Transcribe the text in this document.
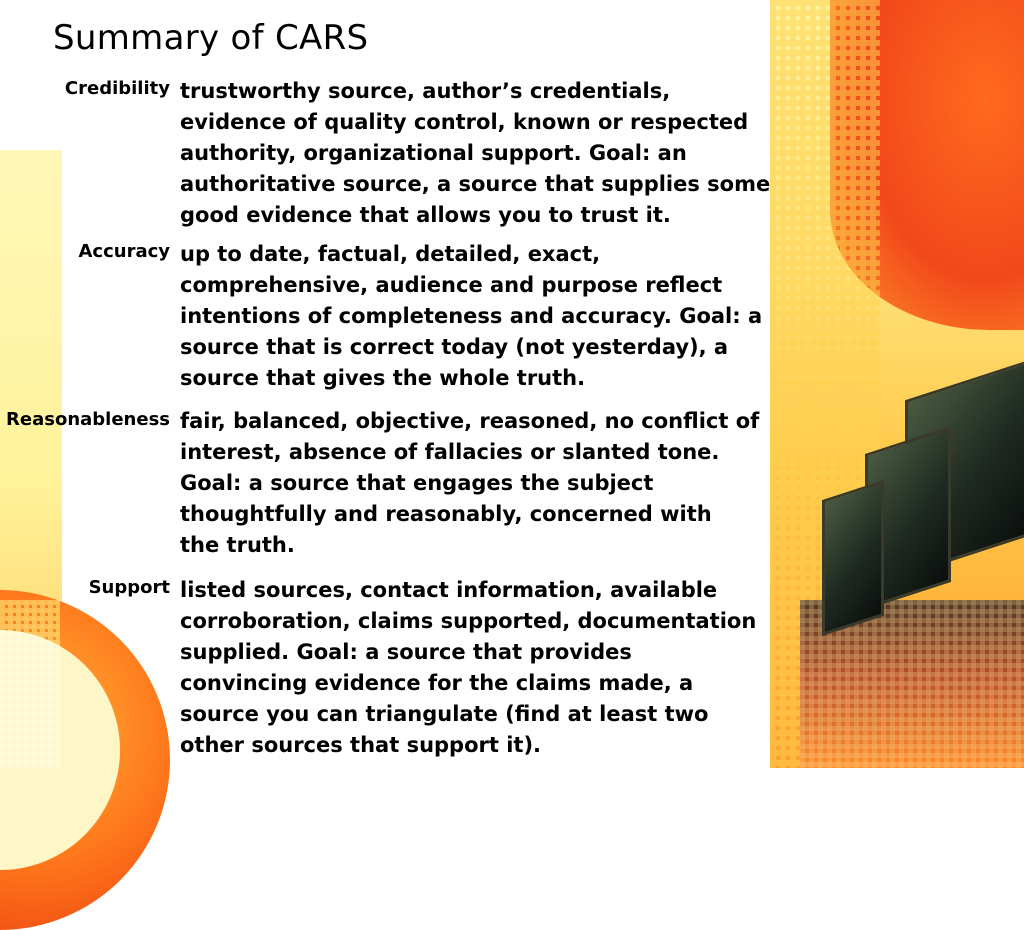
Summary of CARS
Credibility trustworthy source, author’s credentials,
evidence of quality control, known or respected
authority, organizational support. Goal: an
authoritative source, a source that supplies some
good evidence that allows you to trust it.
Accuracy up to date, factual, detailed, exact,
comprehensive, audience and purpose reflect
intentions of completeness and accuracy. Goal: a
source that is correct today (not yesterday), a
source that gives the whole truth.
Reasonableness fair, balanced, objective, reasoned, no conflict of
interest, absence of fallacies or slanted tone.
Goal: a source that engages the subject
thoughtfully and reasonably, concerned with
the truth.
Support listed sources, contact information, available
corroboration, claims supported, documentation
supplied. Goal: a source that provides
convincing evidence for the claims made, a
source you can triangulate (find at least two
other sources that support it).
